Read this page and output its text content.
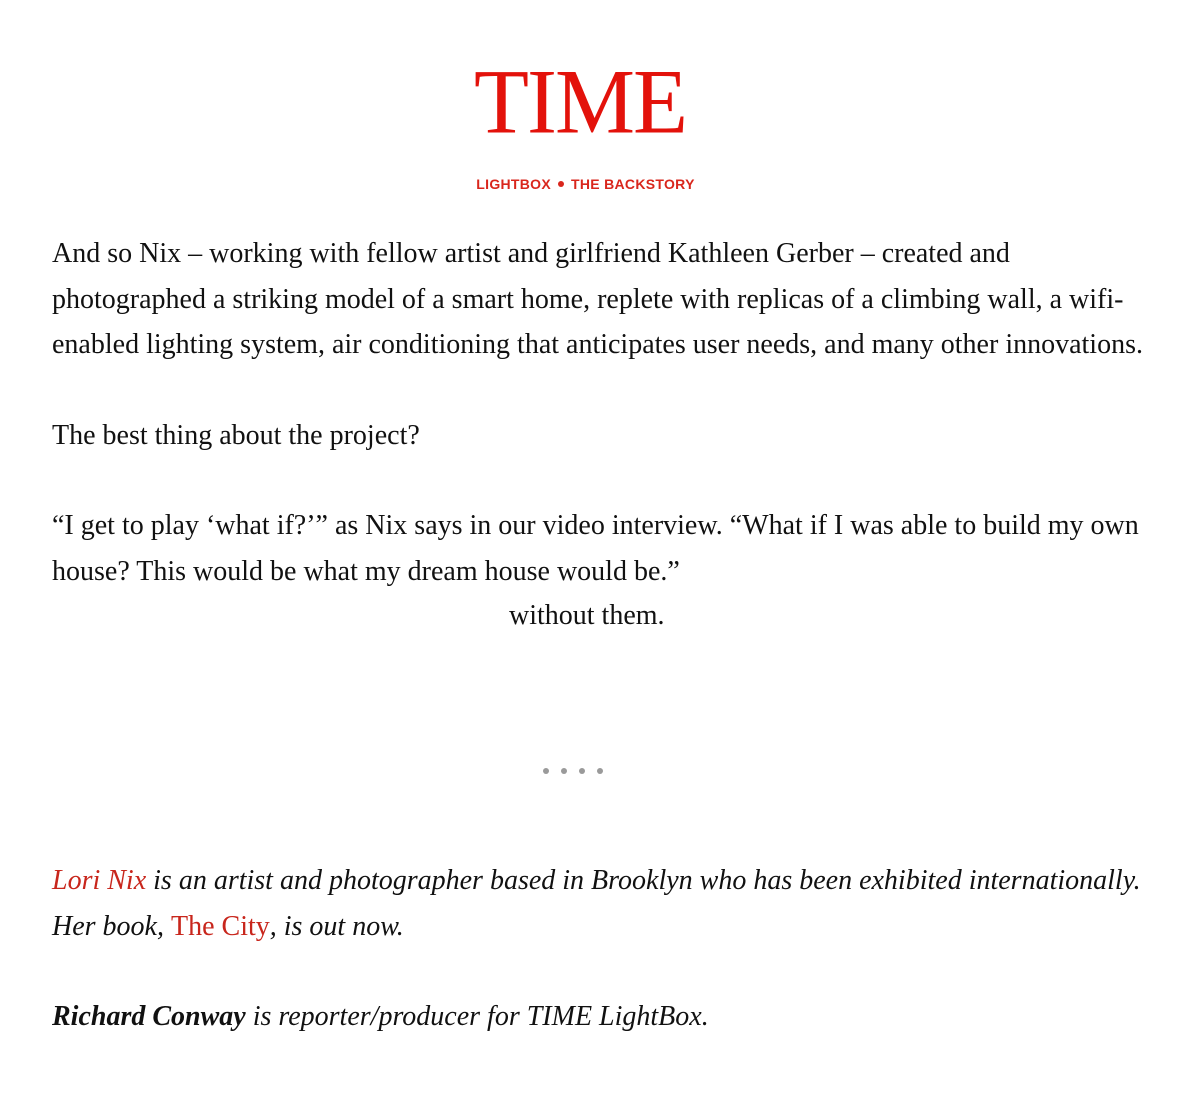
TIME
LIGHTBOX THE BACKSTORY

And so Nix – working with fellow artist and girlfriend Kathleen Gerber – created and photographed a striking model of a smart home, replete with replicas of a climbing wall, a wifi-enabled lighting system, air conditioning that anticipates user needs, and many other innovations.

The best thing about the project?

“I get to play ‘what if?’” as Nix says in our video interview. “What if I was able to build my own house? This would be what my dream house would be.”

without them.

Lori Nix is an artist and photographer based in Brooklyn who has been exhibited internationally. Her book, The City, is out now.

Richard Conway is reporter/producer for TIME LightBox.
